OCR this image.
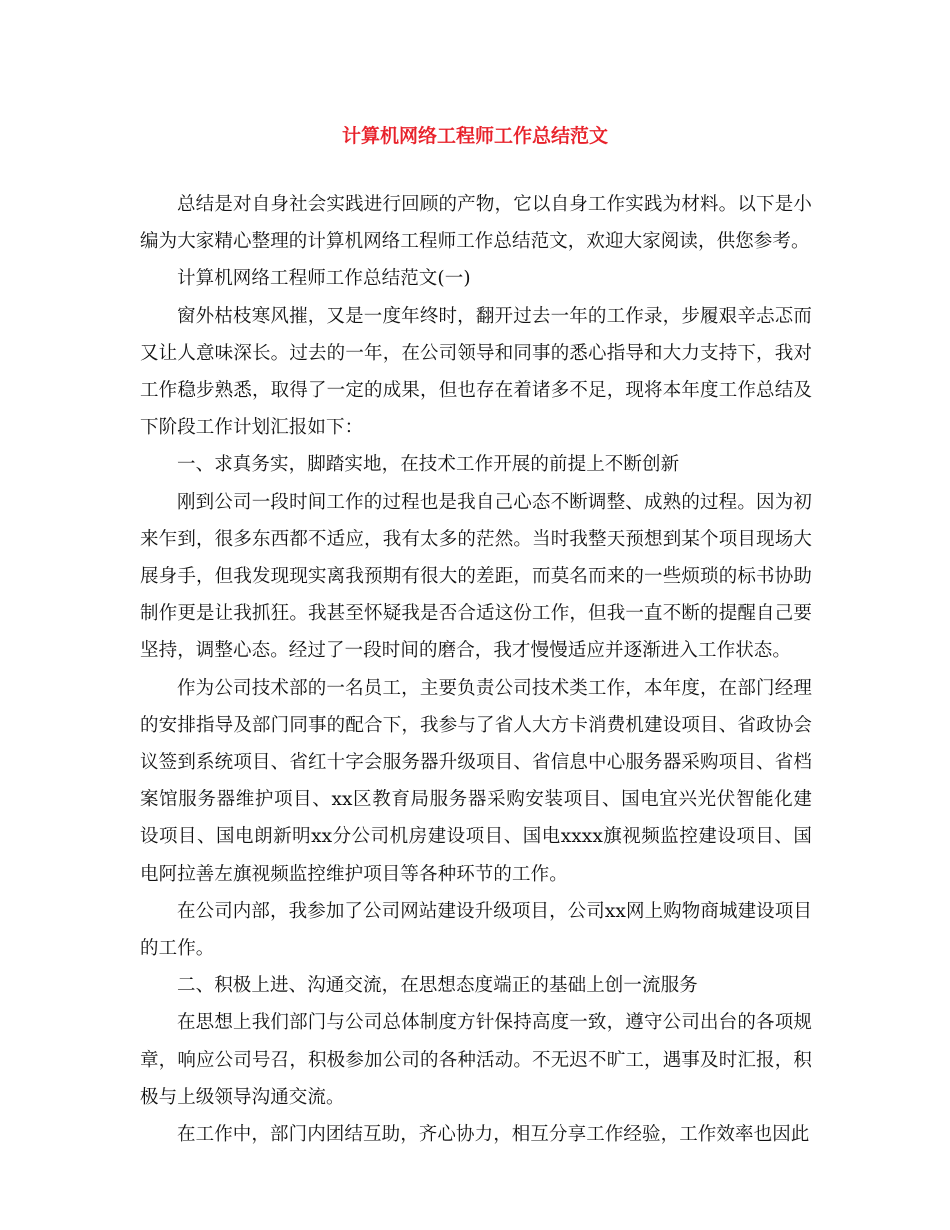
计算机网络工程师工作总结范文

总结是对自身社会实践进行回顾的产物，它以自身工作实践为材料。以下是小编为大家精心整理的计算机网络工程师工作总结范文，欢迎大家阅读，供您参考。

计算机网络工程师工作总结范文(一)

窗外枯枝寒风摧，又是一度年终时，翻开过去一年的工作录，步履艰辛忐忑而又让人意味深长。过去的一年，在公司领导和同事的悉心指导和大力支持下，我对工作稳步熟悉，取得了一定的成果，但也存在着诸多不足，现将本年度工作总结及下阶段工作计划汇报如下：

一、求真务实，脚踏实地，在技术工作开展的前提上不断创新

刚到公司一段时间工作的过程也是我自己心态不断调整、成熟的过程。因为初来乍到，很多东西都不适应，我有太多的茫然。当时我整天预想到某个项目现场大展身手，但我发现现实离我预期有很大的差距，而莫名而来的一些烦琐的标书协助制作更是让我抓狂。我甚至怀疑我是否合适这份工作，但我一直不断的提醒自己要坚持，调整心态。经过了一段时间的磨合，我才慢慢适应并逐渐进入工作状态。

作为公司技术部的一名员工，主要负责公司技术类工作，本年度，在部门经理的安排指导及部门同事的配合下，我参与了省人大方卡消费机建设项目、省政协会议签到系统项目、省红十字会服务器升级项目、省信息中心服务器采购项目、省档案馆服务器维护项目、xx区教育局服务器采购安装项目、国电宜兴光伏智能化建设项目、国电朗新明xx分公司机房建设项目、国电xxxx旗视频监控建设项目、国电阿拉善左旗视频监控维护项目等各种环节的工作。

在公司内部，我参加了公司网站建设升级项目，公司xx网上购物商城建设项目的工作。

二、积极上进、沟通交流，在思想态度端正的基础上创一流服务

在思想上我们部门与公司总体制度方针保持高度一致，遵守公司出台的各项规章，响应公司号召，积极参加公司的各种活动。不无迟不旷工，遇事及时汇报，积极与上级领导沟通交流。

在工作中，部门内团结互助，齐心协力，相互分享工作经验，工作效率也因此
